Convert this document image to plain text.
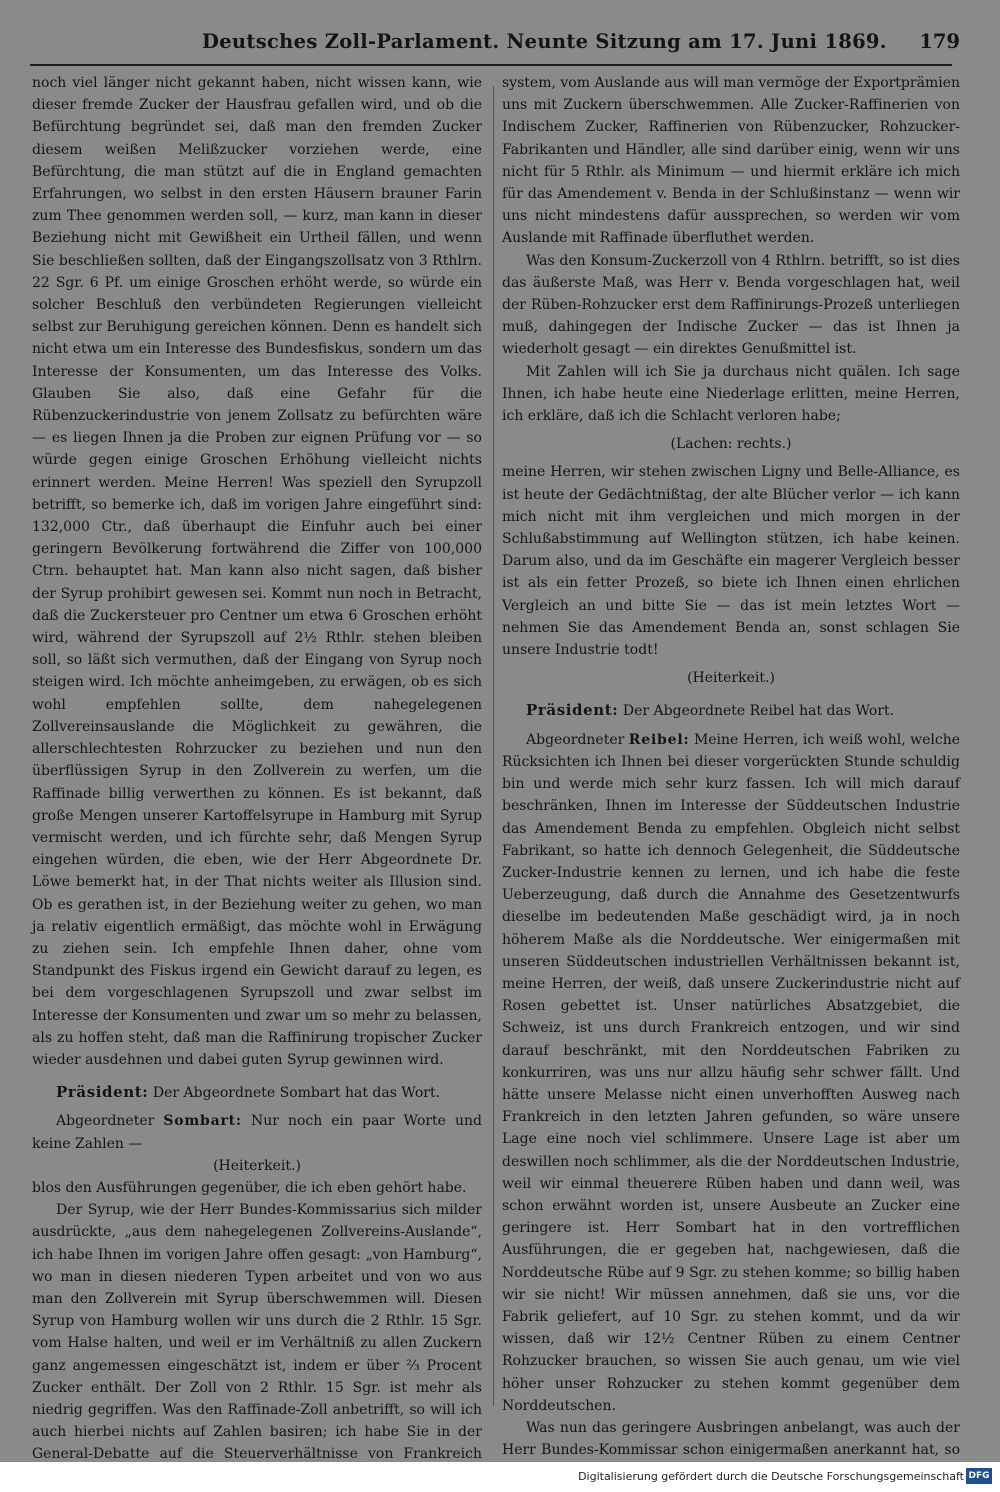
Deutsches Zoll-Parlament. Neunte Sitzung am 17. Juni 1869. 179

noch viel länger nicht gekannt haben, nicht wissen kann, wie dieser fremde Zucker der Hausfrau gefallen wird, und ob die Befürchtung begründet sei, daß man den fremden Zucker diesem weißen Melißzucker vorziehen werde, eine Befürchtung, die man stützt auf die in England gemachten Erfahrungen, wo selbst in den ersten Häusern brauner Farin zum Thee genommen werden soll, — kurz, man kann in dieser Beziehung nicht mit Gewißheit ein Urtheil fällen, und wenn Sie beschließen sollten, daß der Eingangszollsatz von 3 Rthlrn. 22 Sgr. 6 Pf. um einige Groschen erhöht werde, so würde ein solcher Beschluß den verbündeten Regierungen vielleicht selbst zur Beruhigung gereichen können. Denn es handelt sich nicht etwa um ein Interesse des Bundesfiskus, sondern um das Interesse der Konsumenten, um das Interesse des Volks. Glauben Sie also, daß eine Gefahr für die Rübenzuckerindustrie von jenem Zollsatz zu befürchten wäre — es liegen Ihnen ja die Proben zur eignen Prüfung vor — so würde gegen einige Groschen Erhöhung vielleicht nichts erinnert werden. Meine Herren! Was speziell den Syrupzoll betrifft, so bemerke ich, daß im vorigen Jahre eingeführt sind: 132,000 Ctr., daß überhaupt die Einfuhr auch bei einer geringern Bevölkerung fortwährend die Ziffer von 100,000 Ctrn. behauptet hat. Man kann also nicht sagen, daß bisher der Syrup prohibirt gewesen sei. Kommt nun noch in Betracht, daß die Zuckersteuer pro Centner um etwa 6 Groschen erhöht wird, während der Syrupszoll auf 2½ Rthlr. stehen bleiben soll, so läßt sich vermuthen, daß der Eingang von Syrup noch steigen wird. Ich möchte anheimgeben, zu erwägen, ob es sich wohl empfehlen sollte, dem nahegelegenen Zollvereinsauslande die Möglichkeit zu gewähren, die allerschlechtesten Rohrzucker zu beziehen und nun den überflüssigen Syrup in den Zollverein zu werfen, um die Raffinade billig verwerthen zu können. Es ist bekannt, daß große Mengen unserer Kartoffelsyrupe in Hamburg mit Syrup vermischt werden, und ich fürchte sehr, daß Mengen Syrup eingehen würden, die eben, wie der Herr Abgeordnete Dr. Löwe bemerkt hat, in der That nichts weiter als Illusion sind. Ob es gerathen ist, in der Beziehung weiter zu gehen, wo man ja relativ eigentlich ermäßigt, das möchte wohl in Erwägung zu ziehen sein. Ich empfehle Ihnen daher, ohne vom Standpunkt des Fiskus irgend ein Gewicht darauf zu legen, es bei dem vorgeschlagenen Syrupszoll und zwar selbst im Interesse der Konsumenten und zwar um so mehr zu belassen, als zu hoffen steht, daß man die Raffinirung tropischer Zucker wieder ausdehnen und dabei guten Syrup gewinnen wird.

Präsident: Der Abgeordnete Sombart hat das Wort.

Abgeordneter Sombart: Nur noch ein paar Worte und keine Zahlen —

(Heiterkeit.)

blos den Ausführungen gegenüber, die ich eben gehört habe.

Der Syrup, wie der Herr Bundes-Kommissarius sich milder ausdrückte, „aus dem nahegelegenen Zollvereins-Auslande“, ich habe Ihnen im vorigen Jahre offen gesagt: „von Hamburg“, wo man in diesen niederen Typen arbeitet und von wo aus man den Zollverein mit Syrup überschwemmen will. Diesen Syrup von Hamburg wollen wir uns durch die 2 Rthlr. 15 Sgr. vom Halse halten, und weil er im Verhältniß zu allen Zuckern ganz angemessen eingeschätzt ist, indem er über ⅔ Procent Zucker enthält. Der Zoll von 2 Rthlr. 15 Sgr. ist mehr als niedrig gegriffen. Was den Raffinade-Zoll anbetrifft, so will ich auch hierbei nichts auf Zahlen basiren; ich habe Sie in der General-Debatte auf die Steuerverhältnisse von Frankreich

system, vom Auslande aus will man vermöge der Exportprämien uns mit Zuckern überschwemmen. Alle Zucker-Raffinerien von Indischem Zucker, Raffinerien von Rübenzucker, Rohzucker-Fabrikanten und Händler, alle sind darüber einig, wenn wir uns nicht für 5 Rthlr. als Minimum — und hiermit erkläre ich mich für das Amendement v. Benda in der Schlußinstanz — wenn wir uns nicht mindestens dafür aussprechen, so werden wir vom Auslande mit Raffinade überfluthet werden.

Was den Konsum-Zuckerzoll von 4 Rthlrn. betrifft, so ist dies das äußerste Maß, was Herr v. Benda vorgeschlagen hat, weil der Rüben-Rohzucker erst dem Raffinirungs-Prozeß unterliegen muß, dahingegen der Indische Zucker — das ist Ihnen ja wiederholt gesagt — ein direktes Genußmittel ist.

Mit Zahlen will ich Sie ja durchaus nicht quälen. Ich sage Ihnen, ich habe heute eine Niederlage erlitten, meine Herren, ich erkläre, daß ich die Schlacht verloren habe;

(Lachen: rechts.)

meine Herren, wir stehen zwischen Ligny und Belle-Alliance, es ist heute der Gedächtnißtag, der alte Blücher verlor — ich kann mich nicht mit ihm vergleichen und mich morgen in der Schlußabstimmung auf Wellington stützen, ich habe keinen. Darum also, und da im Geschäfte ein magerer Vergleich besser ist als ein fetter Prozeß, so biete ich Ihnen einen ehrlichen Vergleich an und bitte Sie — das ist mein letztes Wort — nehmen Sie das Amendement Benda an, sonst schlagen Sie unsere Industrie todt!

(Heiterkeit.)

Präsident: Der Abgeordnete Reibel hat das Wort.

Abgeordneter Reibel: Meine Herren, ich weiß wohl, welche Rücksichten ich Ihnen bei dieser vorgerückten Stunde schuldig bin und werde mich sehr kurz fassen. Ich will mich darauf beschränken, Ihnen im Interesse der Süddeutschen Industrie das Amendement Benda zu empfehlen. Obgleich nicht selbst Fabrikant, so hatte ich dennoch Gelegenheit, die Süddeutsche Zucker-Industrie kennen zu lernen, und ich habe die feste Ueberzeugung, daß durch die Annahme des Gesetzentwurfs dieselbe im bedeutenden Maße geschädigt wird, ja in noch höherem Maße als die Norddeutsche. Wer einigermaßen mit unseren Süddeutschen industriellen Verhältnissen bekannt ist, meine Herren, der weiß, daß unsere Zuckerindustrie nicht auf Rosen gebettet ist. Unser natürliches Absatzgebiet, die Schweiz, ist uns durch Frankreich entzogen, und wir sind darauf beschränkt, mit den Norddeutschen Fabriken zu konkurriren, was uns nur allzu häufig sehr schwer fällt. Und hätte unsere Melasse nicht einen unverhofften Ausweg nach Frankreich in den letzten Jahren gefunden, so wäre unsere Lage eine noch viel schlimmere. Unsere Lage ist aber um deswillen noch schlimmer, als die der Norddeutschen Industrie, weil wir einmal theuerere Rüben haben und dann weil, was schon erwähnt worden ist, unsere Ausbeute an Zucker eine geringere ist. Herr Sombart hat in den vortrefflichen Ausführungen, die er gegeben hat, nachgewiesen, daß die Norddeutsche Rübe auf 9 Sgr. zu stehen komme; so billig haben wir sie nicht! Wir müssen annehmen, daß sie uns, vor die Fabrik geliefert, auf 10 Sgr. zu stehen kommt, und da wir wissen, daß wir 12½ Centner Rüben zu einem Centner Rohzucker brauchen, so wissen Sie auch genau, um wie viel höher unser Rohzucker zu stehen kommt gegenüber dem Norddeutschen.

Was nun das geringere Ausbringen anbelangt, was auch der Herr Bundes-Kommissar schon einigermaßen anerkannt hat, so

Digitalisierung gefördert durch die Deutsche Forschungsgemeinschaft DFG
